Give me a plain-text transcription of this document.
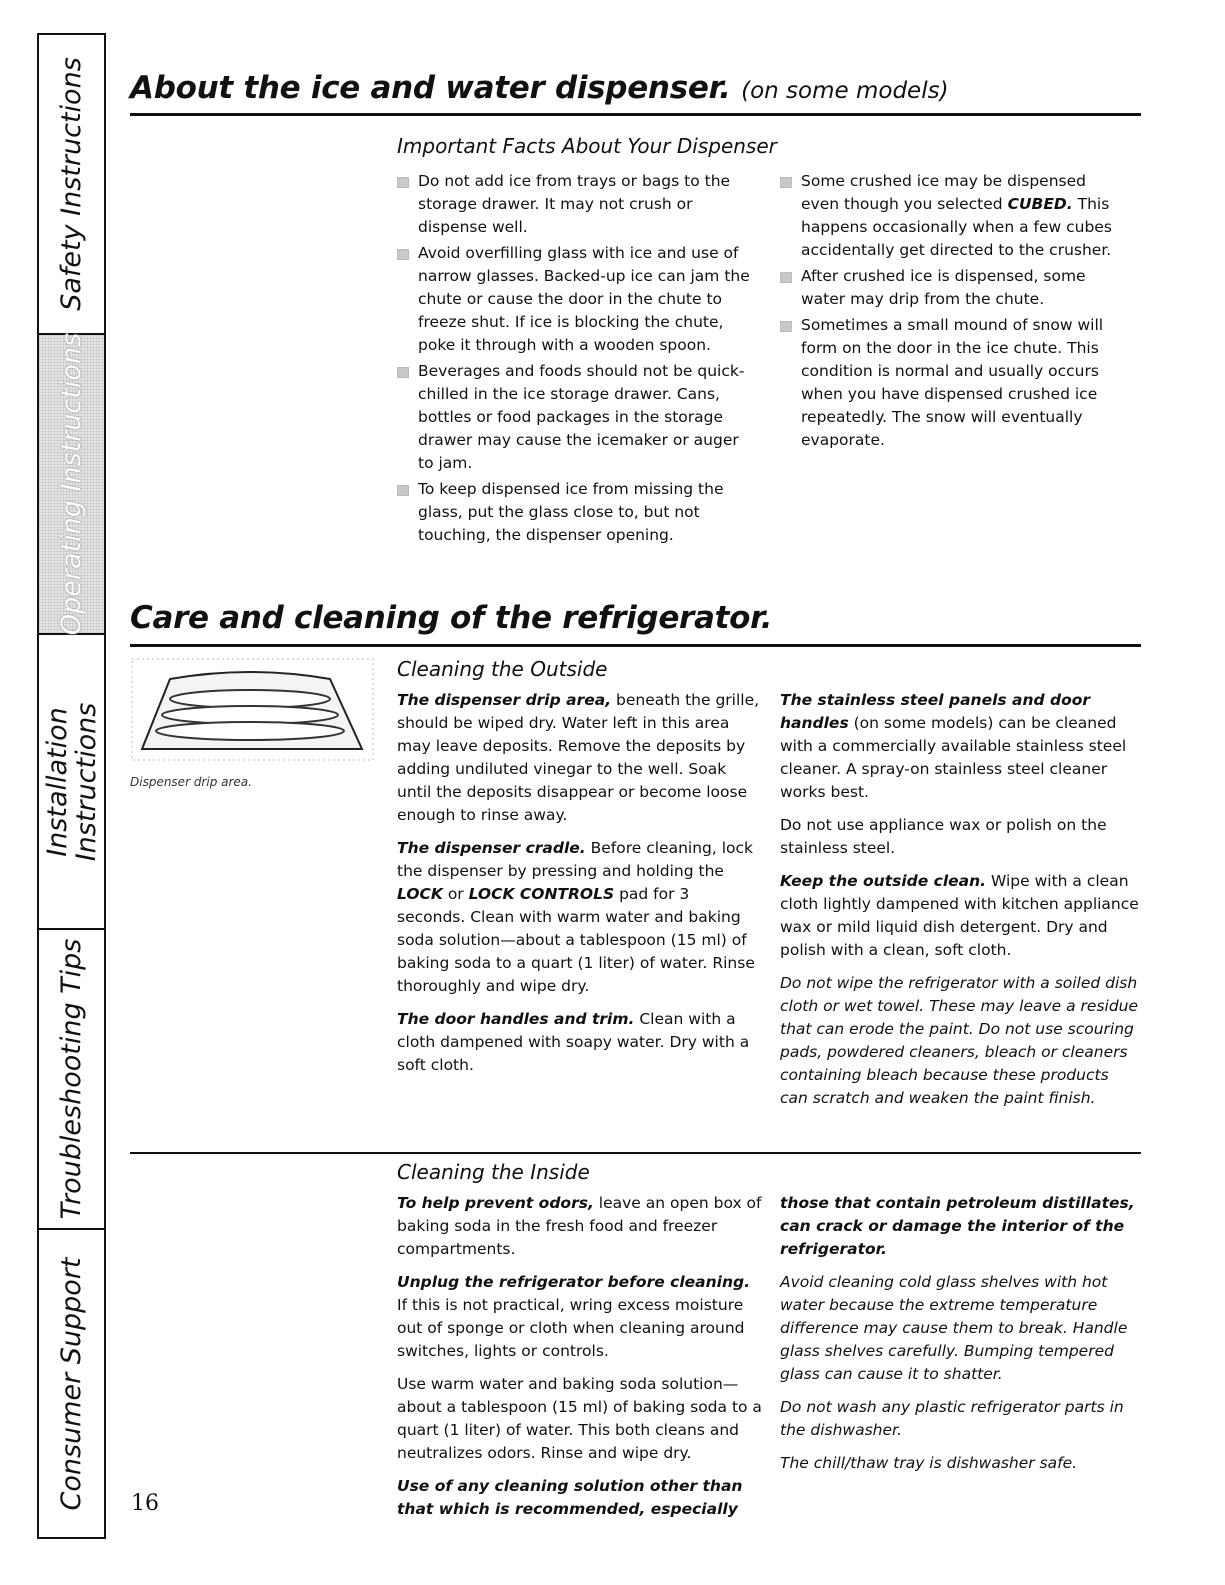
Safety Instructions
Operating Instructions
Installation Instructions
Troubleshooting Tips
Consumer Support
About the ice and water dispenser. (on some models)
Important Facts About Your Dispenser
Do not add ice from trays or bags to the storage drawer. It may not crush or dispense well.
Avoid overfilling glass with ice and use of narrow glasses. Backed-up ice can jam the chute or cause the door in the chute to freeze shut. If ice is blocking the chute, poke it through with a wooden spoon.
Beverages and foods should not be quick-chilled in the ice storage drawer. Cans, bottles or food packages in the storage drawer may cause the icemaker or auger to jam.
To keep dispensed ice from missing the glass, put the glass close to, but not touching, the dispenser opening.
Some crushed ice may be dispensed even though you selected CUBED. This happens occasionally when a few cubes accidentally get directed to the crusher.
After crushed ice is dispensed, some water may drip from the chute.
Sometimes a small mound of snow will form on the door in the ice chute. This condition is normal and usually occurs when you have dispensed crushed ice repeatedly. The snow will eventually evaporate.
Care and cleaning of the refrigerator.
Dispenser drip area.
Cleaning the Outside

The dispenser drip area, beneath the grille, should be wiped dry. Water left in this area may leave deposits. Remove the deposits by adding undiluted vinegar to the well. Soak until the deposits disappear or become loose enough to rinse away.

The dispenser cradle. Before cleaning, lock the dispenser by pressing and holding the LOCK or LOCK CONTROLS pad for 3 seconds. Clean with warm water and baking soda solution—about a tablespoon (15 ml) of baking soda to a quart (1 liter) of water. Rinse thoroughly and wipe dry.

The door handles and trim. Clean with a cloth dampened with soapy water. Dry with a soft cloth.

The stainless steel panels and door handles (on some models) can be cleaned with a commercially available stainless steel cleaner. A spray-on stainless steel cleaner works best.

Do not use appliance wax or polish on the stainless steel.

Keep the outside clean. Wipe with a clean cloth lightly dampened with kitchen appliance wax or mild liquid dish detergent. Dry and polish with a clean, soft cloth.

Do not wipe the refrigerator with a soiled dish cloth or wet towel. These may leave a residue that can erode the paint. Do not use scouring pads, powdered cleaners, bleach or cleaners containing bleach because these products can scratch and weaken the paint finish.

Cleaning the Inside

To help prevent odors, leave an open box of baking soda in the fresh food and freezer compartments.

Unplug the refrigerator before cleaning. If this is not practical, wring excess moisture out of sponge or cloth when cleaning around switches, lights or controls.

Use warm water and baking soda solution—about a tablespoon (15 ml) of baking soda to a quart (1 liter) of water. This both cleans and neutralizes odors. Rinse and wipe dry.

Use of any cleaning solution other than that which is recommended, especially

those that contain petroleum distillates, can crack or damage the interior of the refrigerator.

Avoid cleaning cold glass shelves with hot water because the extreme temperature difference may cause them to break. Handle glass shelves carefully. Bumping tempered glass can cause it to shatter.

Do not wash any plastic refrigerator parts in the dishwasher.

The chill/thaw tray is dishwasher safe.

16
